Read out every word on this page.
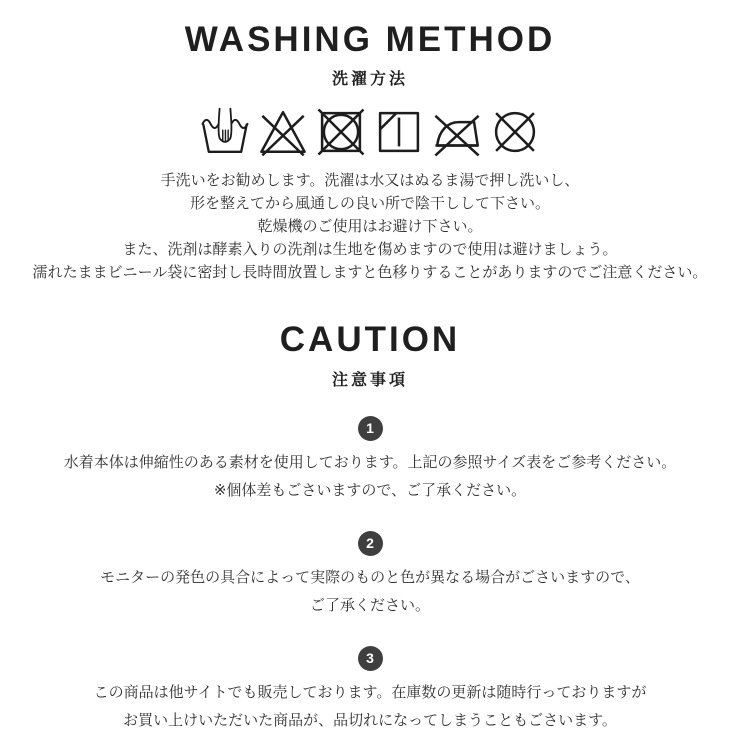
WASHING METHOD
洗濯方法
手洗いをお勧めします。洗濯は水又はぬるま湯で押し洗いし、
形を整えてから風通しの良い所で陰干しして下さい。
乾燥機のご使用はお避け下さい。
また、洗剤は酵素入りの洗剤は生地を傷めますので使用は避けましょう。
濡れたままビニール袋に密封し長時間放置しますと色移りすることがありますのでご注意ください。
CAUTION
注意事項
1
水着本体は伸縮性のある素材を使用しております。上記の参照サイズ表をご参考ください。
※個体差もごさいますので、ご了承ください。
2
モニターの発色の具合によって実際のものと色が異なる場合がごさいますので、
ご了承ください。
3
この商品は他サイトでも販売しております。在庫数の更新は随時行っておりますが
お買い上けいただいた商品が、品切れになってしまうこともごさいます。
